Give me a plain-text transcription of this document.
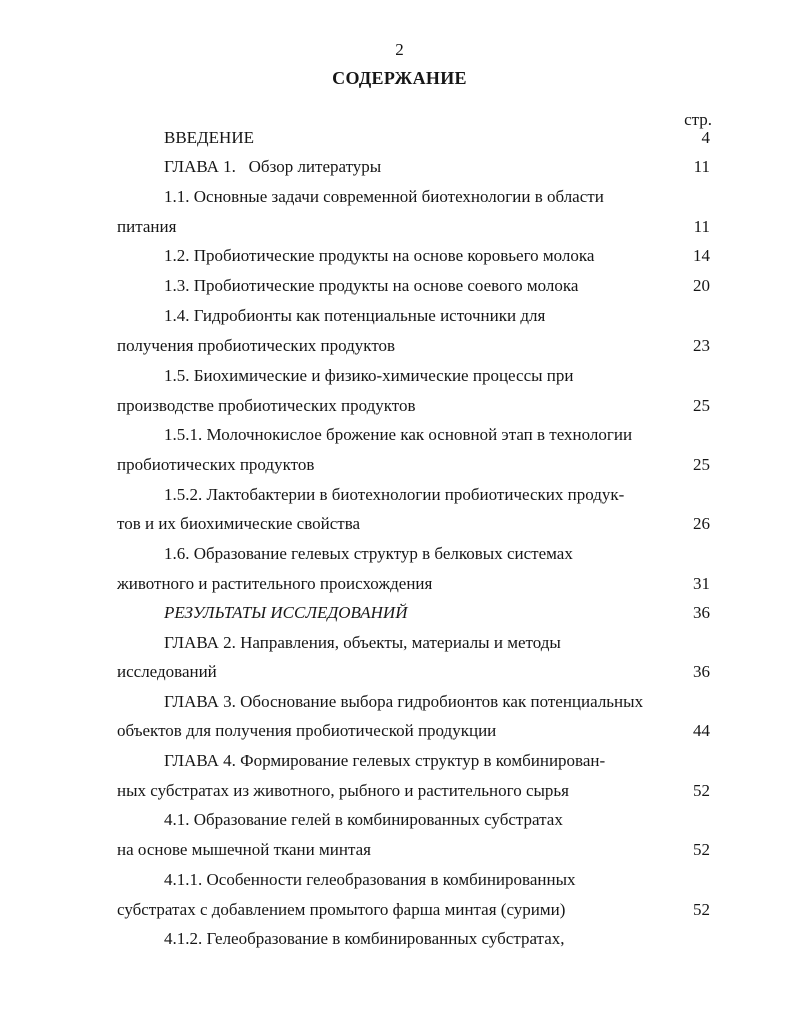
2
СОДЕРЖАНИЕ
стр.
ВВЕДЕНИЕ	4
ГЛАВА 1.   Обзор литературы	11
1.1. Основные задачи современной биотехнологии в области
питания	11
1.2. Пробиотические продукты на основе коровьего молока	14
1.3. Пробиотические продукты на основе соевого молока	20
1.4. Гидробионты как потенциальные источники для
получения пробиотических продуктов	23
1.5. Биохимические и физико-химические процессы при
производстве пробиотических продуктов	25
1.5.1. Молочнокислое брожение как основной этап в технологии
пробиотических продуктов	25
1.5.2. Лактобактерии в биотехнологии пробиотических продук-
тов и их биохимические свойства	26
1.6. Образование гелевых структур в белковых системах
животного и растительного происхождения	31
РЕЗУЛЬТАТЫ ИССЛЕДОВАНИЙ	36
ГЛАВА 2. Направления, объекты, материалы и методы
исследований	36
ГЛАВА 3. Обоснование выбора гидробионтов как потенциальных
объектов для получения пробиотической продукции	44
ГЛАВА 4. Формирование гелевых структур в комбинирован-
ных субстратах из животного, рыбного и растительного сырья	52
4.1. Образование гелей в комбинированных субстратах
на основе мышечной ткани минтая	52
4.1.1. Особенности гелеобразования в комбинированных
субстратах с добавлением промытого фарша минтая (сурими)	52
4.1.2. Гелеобразование в комбинированных субстратах,
